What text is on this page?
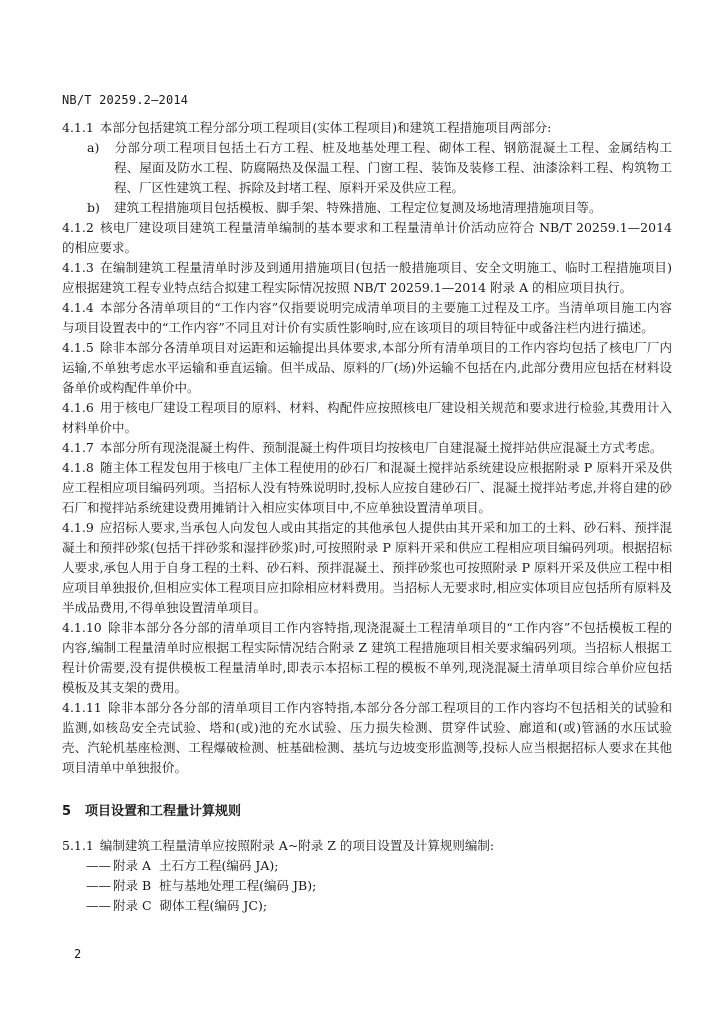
NB/T 20259.2—2014

4.1.1 本部分包括建筑工程分部分项工程项目(实体工程项目)和建筑工程措施项目两部分:

a) 分部分项工程项目包括土石方工程、桩及地基处理工程、砌体工程、钢筋混凝土工程、金属结构工程、屋面及防水工程、防腐隔热及保温工程、门窗工程、装饰及装修工程、油漆涂料工程、构筑物工程、厂区性建筑工程、拆除及封堵工程、原料开采及供应工程。

b) 建筑工程措施项目包括模板、脚手架、特殊措施、工程定位复测及场地清理措施项目等。

4.1.2 核电厂建设项目建筑工程量清单编制的基本要求和工程量清单计价活动应符合 NB/T 20259.1—2014 的相应要求。

4.1.3 在编制建筑工程量清单时涉及到通用措施项目(包括一般措施项目、安全文明施工、临时工程措施项目)应根据建筑工程专业特点结合拟建工程实际情况按照 NB/T 20259.1—2014 附录 A 的相应项目执行。

4.1.4 本部分各清单项目的“工作内容”仅指要说明完成清单项目的主要施工过程及工序。当清单项目施工内容与项目设置表中的“工作内容”不同且对计价有实质性影响时,应在该项目的项目特征中或备注栏内进行描述。

4.1.5 除非本部分各清单项目对运距和运输提出具体要求,本部分所有清单项目的工作内容均包括了核电厂厂内运输,不单独考虑水平运输和垂直运输。但半成品、原料的厂(场)外运输不包括在内,此部分费用应包括在材料设备单价或构配件单价中。

4.1.6 用于核电厂建设工程项目的原料、材料、构配件应按照核电厂建设相关规范和要求进行检验,其费用计入材料单价中。

4.1.7 本部分所有现浇混凝土构件、预制混凝土构件项目均按核电厂自建混凝土搅拌站供应混凝土方式考虑。

4.1.8 随主体工程发包用于核电厂主体工程使用的砂石厂和混凝土搅拌站系统建设应根据附录 P 原料开采及供应工程相应项目编码列项。当招标人没有特殊说明时,投标人应按自建砂石厂、混凝土搅拌站考虑,并将自建的砂石厂和搅拌站系统建设费用摊销计入相应实体项目中,不应单独设置清单项目。

4.1.9 应招标人要求,当承包人向发包人或由其指定的其他承包人提供由其开采和加工的土料、砂石料、预拌混凝土和预拌砂浆(包括干拌砂浆和湿拌砂浆)时,可按照附录 P 原料开采和供应工程相应项目编码列项。根据招标人要求,承包人用于自身工程的土料、砂石料、预拌混凝土、预拌砂浆也可按照附录 P 原料开采及供应工程中相应项目单独报价,但相应实体工程项目应扣除相应材料费用。当招标人无要求时,相应实体项目应包括所有原料及半成品费用,不得单独设置清单项目。

4.1.10 除非本部分各分部的清单项目工作内容特指,现浇混凝土工程清单项目的“工作内容”不包括模板工程的内容,编制工程量清单时应根据工程实际情况结合附录 Z 建筑工程措施项目相关要求编码列项。当招标人根据工程计价需要,没有提供模板工程量清单时,即表示本招标工程的模板不单列,现浇混凝土清单项目综合单价应包括模板及其支架的费用。

4.1.11 除非本部分各分部的清单项目工作内容特指,本部分各分部工程项目的工作内容均不包括相关的试验和监测,如核岛安全壳试验、塔和(或)池的充水试验、压力损失检测、贯穿件试验、廊道和(或)管涵的水压试验壳、汽轮机基座检测、工程爆破检测、桩基础检测、基坑与边坡变形监测等,投标人应当根据招标人要求在其他项目清单中单独报价。

5 项目设置和工程量计算规则

5.1.1 编制建筑工程量清单应按照附录 A~附录 Z 的项目设置及计算规则编制:

—— 附录 A 土石方工程(编码 JA);

—— 附录 B 桩与基地处理工程(编码 JB);

—— 附录 C 砌体工程(编码 JC);

2
